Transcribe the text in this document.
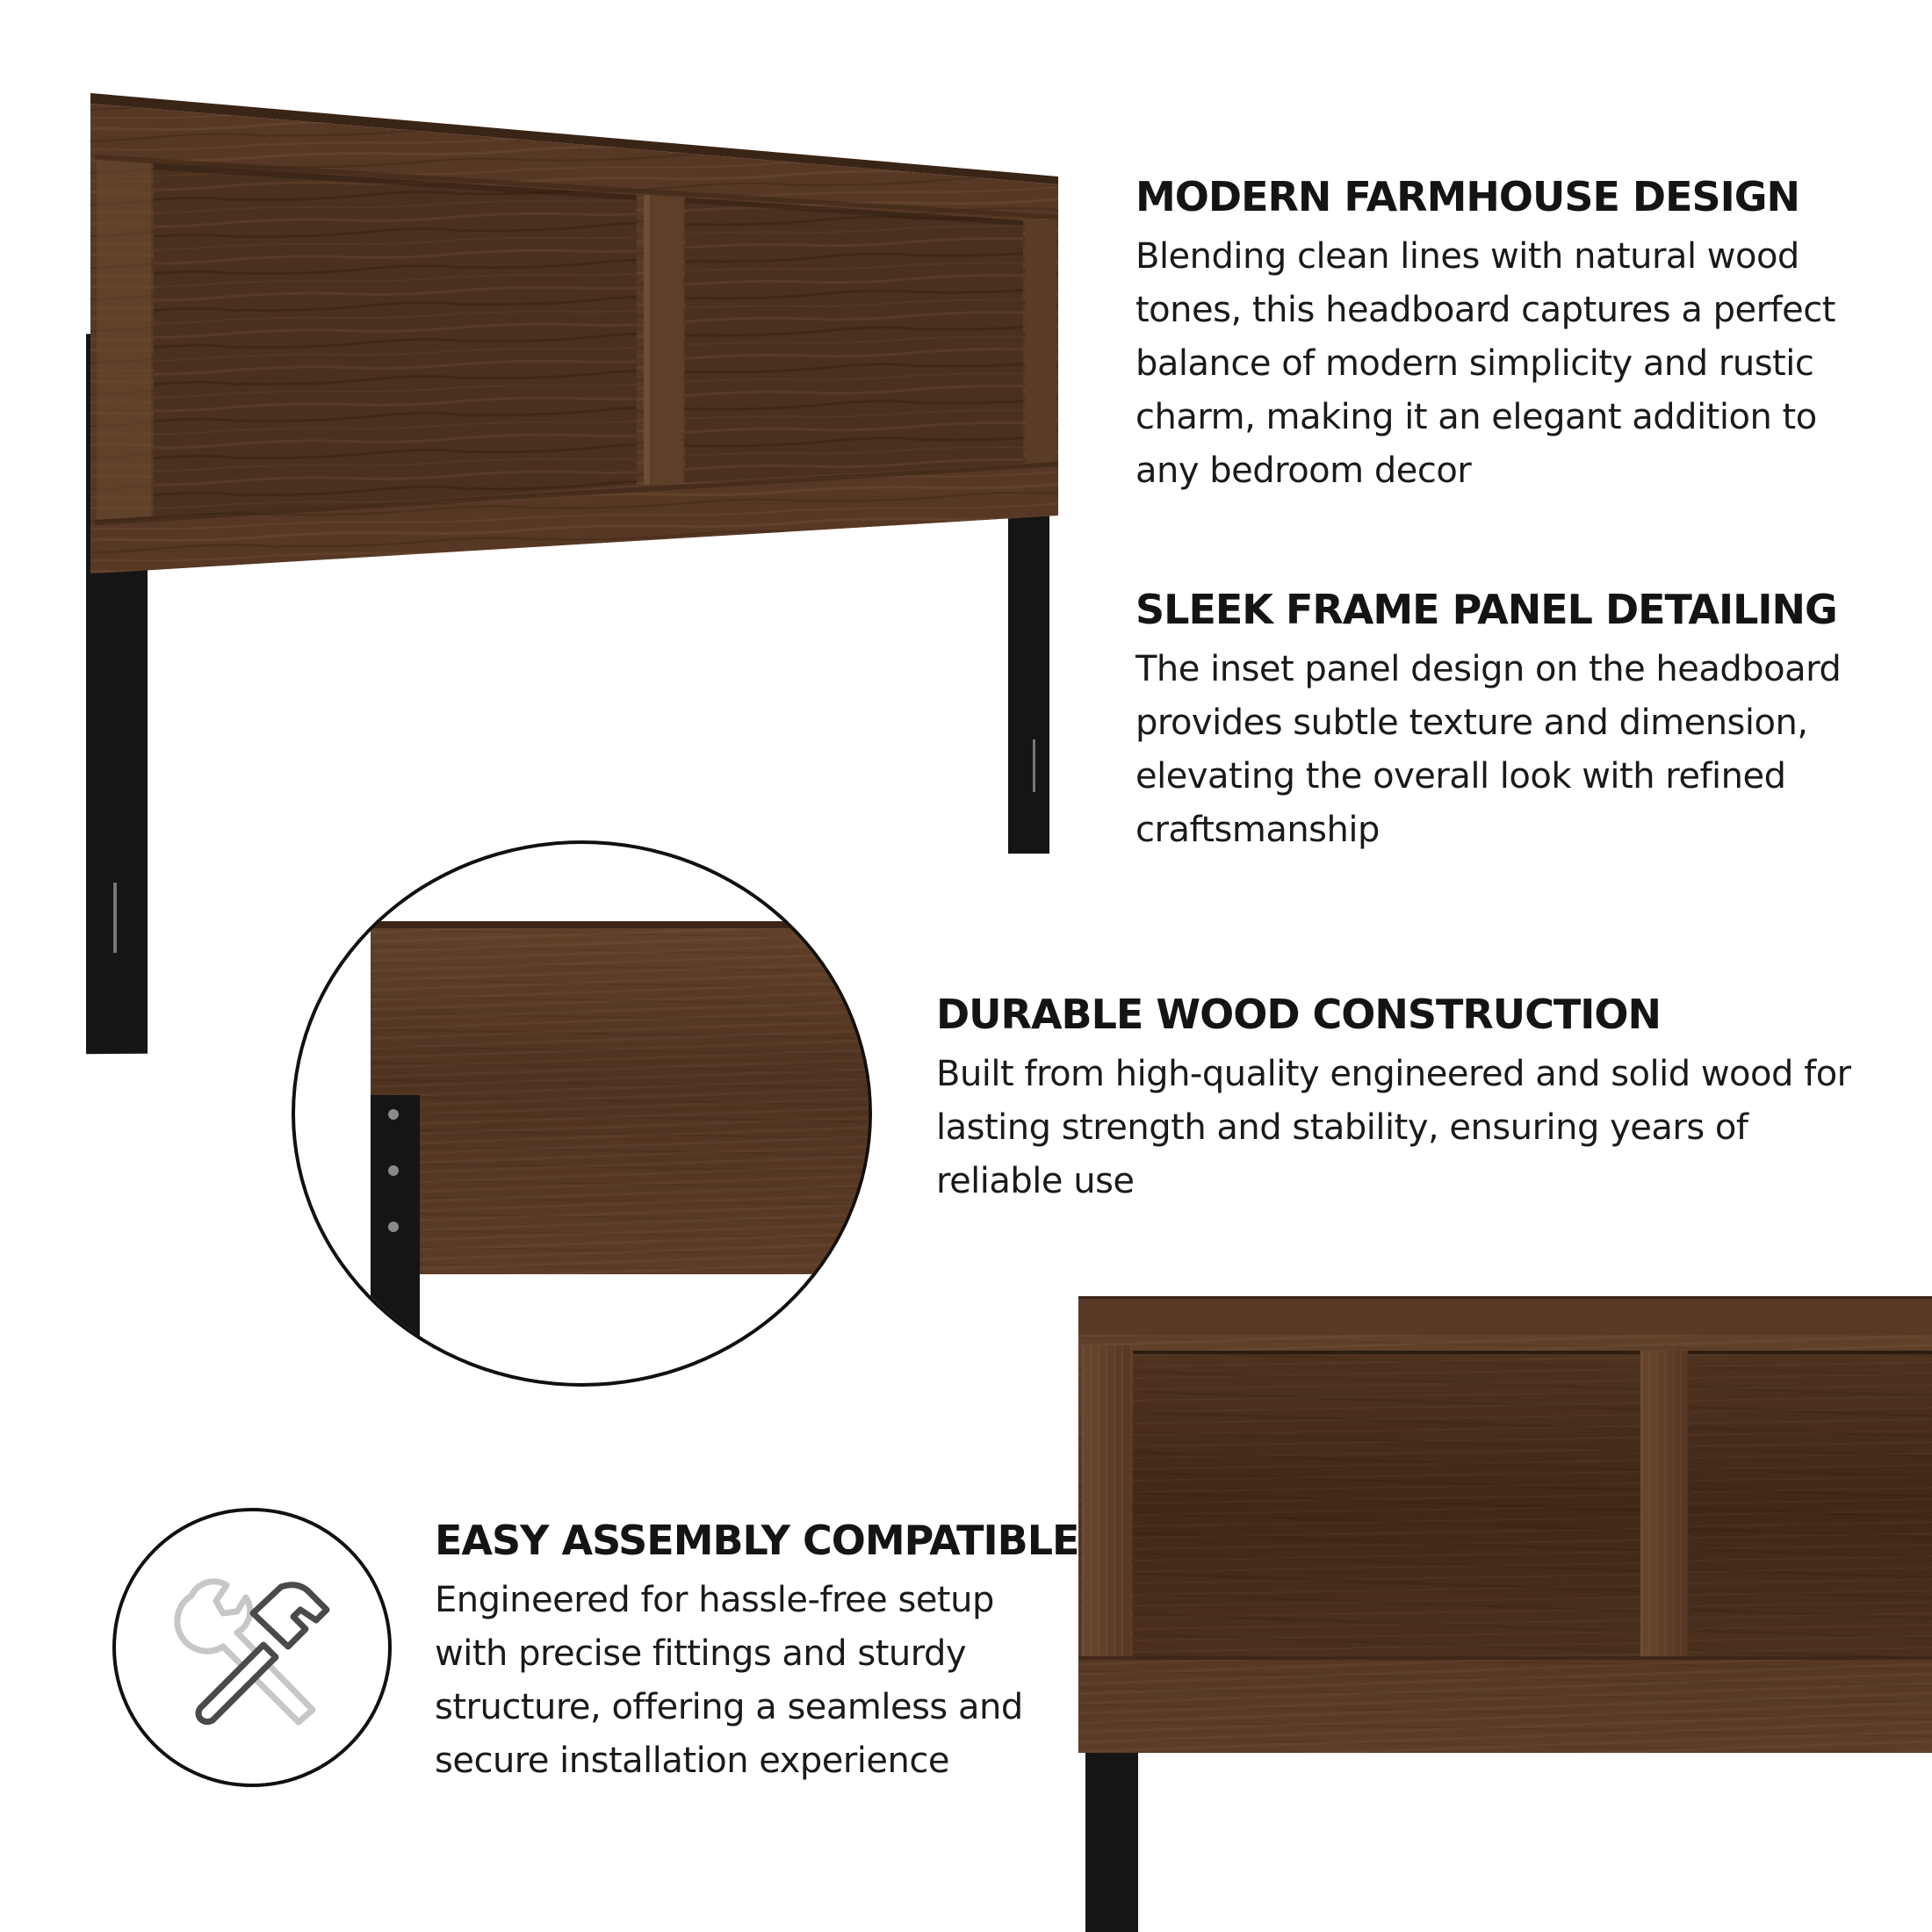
MODERN FARMHOUSE DESIGN

Blending clean lines with natural wood tones, this headboard captures a perfect balance of modern simplicity and rustic charm, making it an elegant addition to any bedroom decor

SLEEK FRAME PANEL DETAILING

The inset panel design on the headboard provides subtle texture and dimension, elevating the overall look with refined craftsmanship

DURABLE WOOD CONSTRUCTION

Built from high-quality engineered and solid wood for lasting strength and stability, ensuring years of reliable use

EASY ASSEMBLY COMPATIBLE

Engineered for hassle-free setup with precise fittings and sturdy structure, offering a seamless and secure installation experience
